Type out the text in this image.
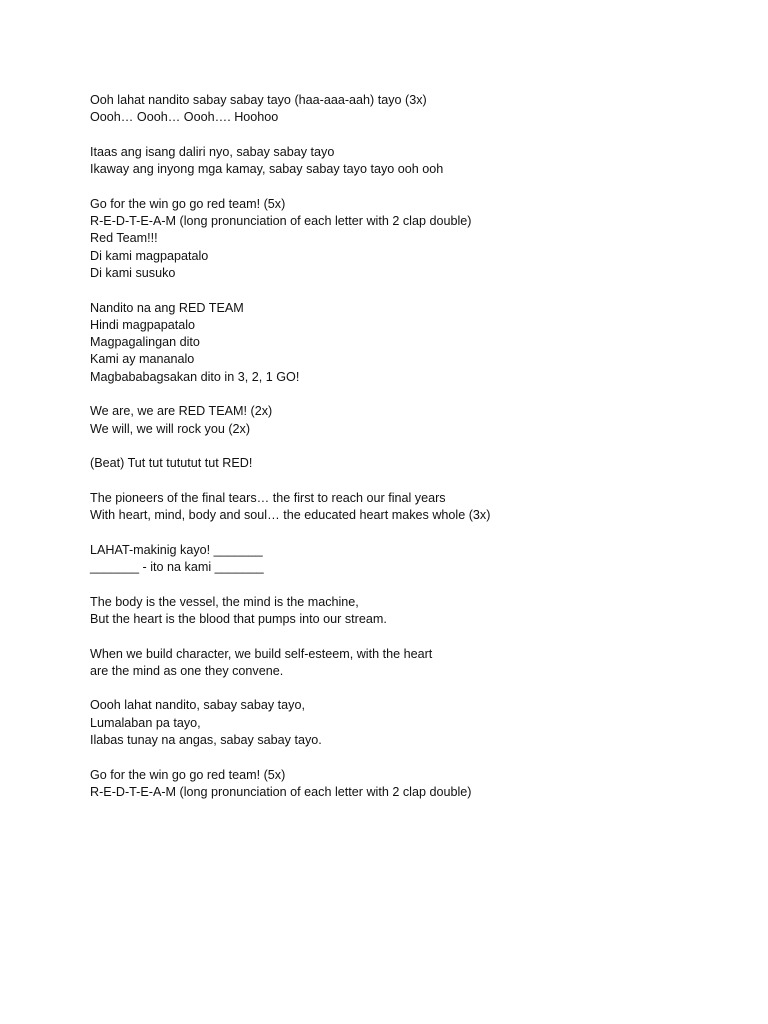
Ooh lahat nandito sabay sabay tayo (haa-aaa-aah) tayo (3x)
Oooh… Oooh… Oooh…. Hoohoo
Itaas ang isang daliri nyo, sabay sabay tayo
Ikaway ang inyong mga kamay, sabay sabay tayo tayo ooh ooh
Go for the win go go red team! (5x)
R-E-D-T-E-A-M (long pronunciation of each letter with 2 clap double)
Red Team!!!
Di kami magpapatalo
Di kami susuko
Nandito na ang RED TEAM
Hindi magpapatalo
Magpagalingan dito
Kami ay mananalo
Magbababagsakan dito in 3, 2, 1 GO!
We are, we are RED TEAM! (2x)
We will, we will rock you (2x)
(Beat) Tut tut tututut tut RED!
The pioneers of the final tears… the first to reach our final years
With heart, mind, body and soul… the educated heart makes whole (3x)
LAHAT-makinig kayo! _______
_______ - ito na kami _______
The body is the vessel, the mind is the machine,
But the heart is the blood that pumps into our stream.
When we build character, we build self-esteem, with the heart
are the mind as one they convene.
Oooh lahat nandito, sabay sabay tayo,
Lumalaban pa tayo,
Ilabas tunay na angas, sabay sabay tayo.
Go for the win go go red team! (5x)
R-E-D-T-E-A-M (long pronunciation of each letter with 2 clap double)
